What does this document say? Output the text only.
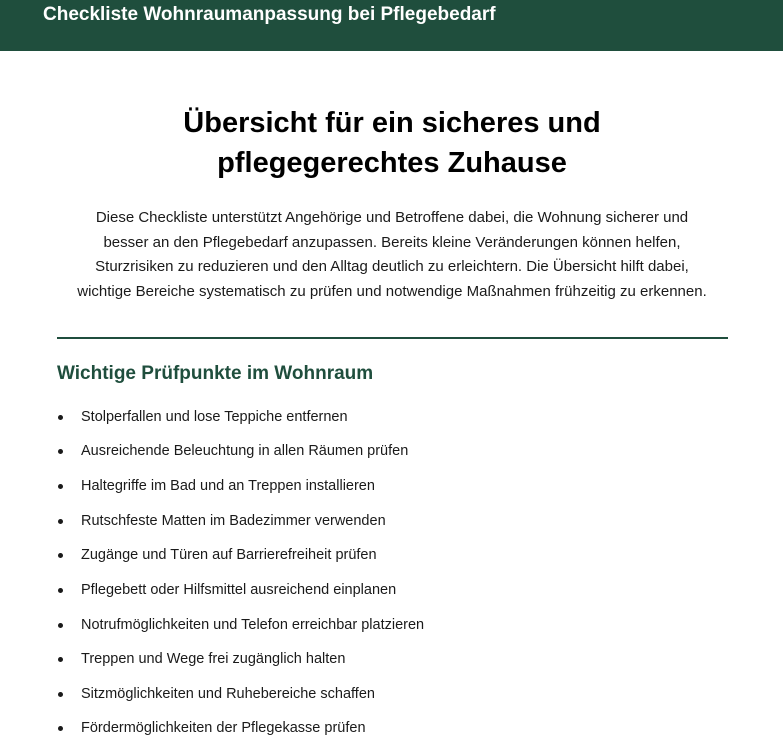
Checkliste Wohnraumanpassung bei Pflegebedarf
Übersicht für ein sicheres und
pflegegerechtes Zuhause

Diese Checkliste unterstützt Angehörige und Betroffene dabei, die Wohnung sicherer und
besser an den Pflegebedarf anzupassen. Bereits kleine Veränderungen können helfen,
Sturzrisiken zu reduzieren und den Alltag deutlich zu erleichtern. Die Übersicht hilft dabei,
wichtige Bereiche systematisch zu prüfen und notwendige Maßnahmen frühzeitig zu erkennen.

Wichtige Prüfpunkte im Wohnraum
Stolperfallen und lose Teppiche entfernen
Ausreichende Beleuchtung in allen Räumen prüfen
Haltegriffe im Bad und an Treppen installieren
Rutschfeste Matten im Badezimmer verwenden
Zugänge und Türen auf Barrierefreiheit prüfen
Pflegebett oder Hilfsmittel ausreichend einplanen
Notrufmöglichkeiten und Telefon erreichbar platzieren
Treppen und Wege frei zugänglich halten
Sitzmöglichkeiten und Ruhebereiche schaffen
Fördermöglichkeiten der Pflegekasse prüfen
